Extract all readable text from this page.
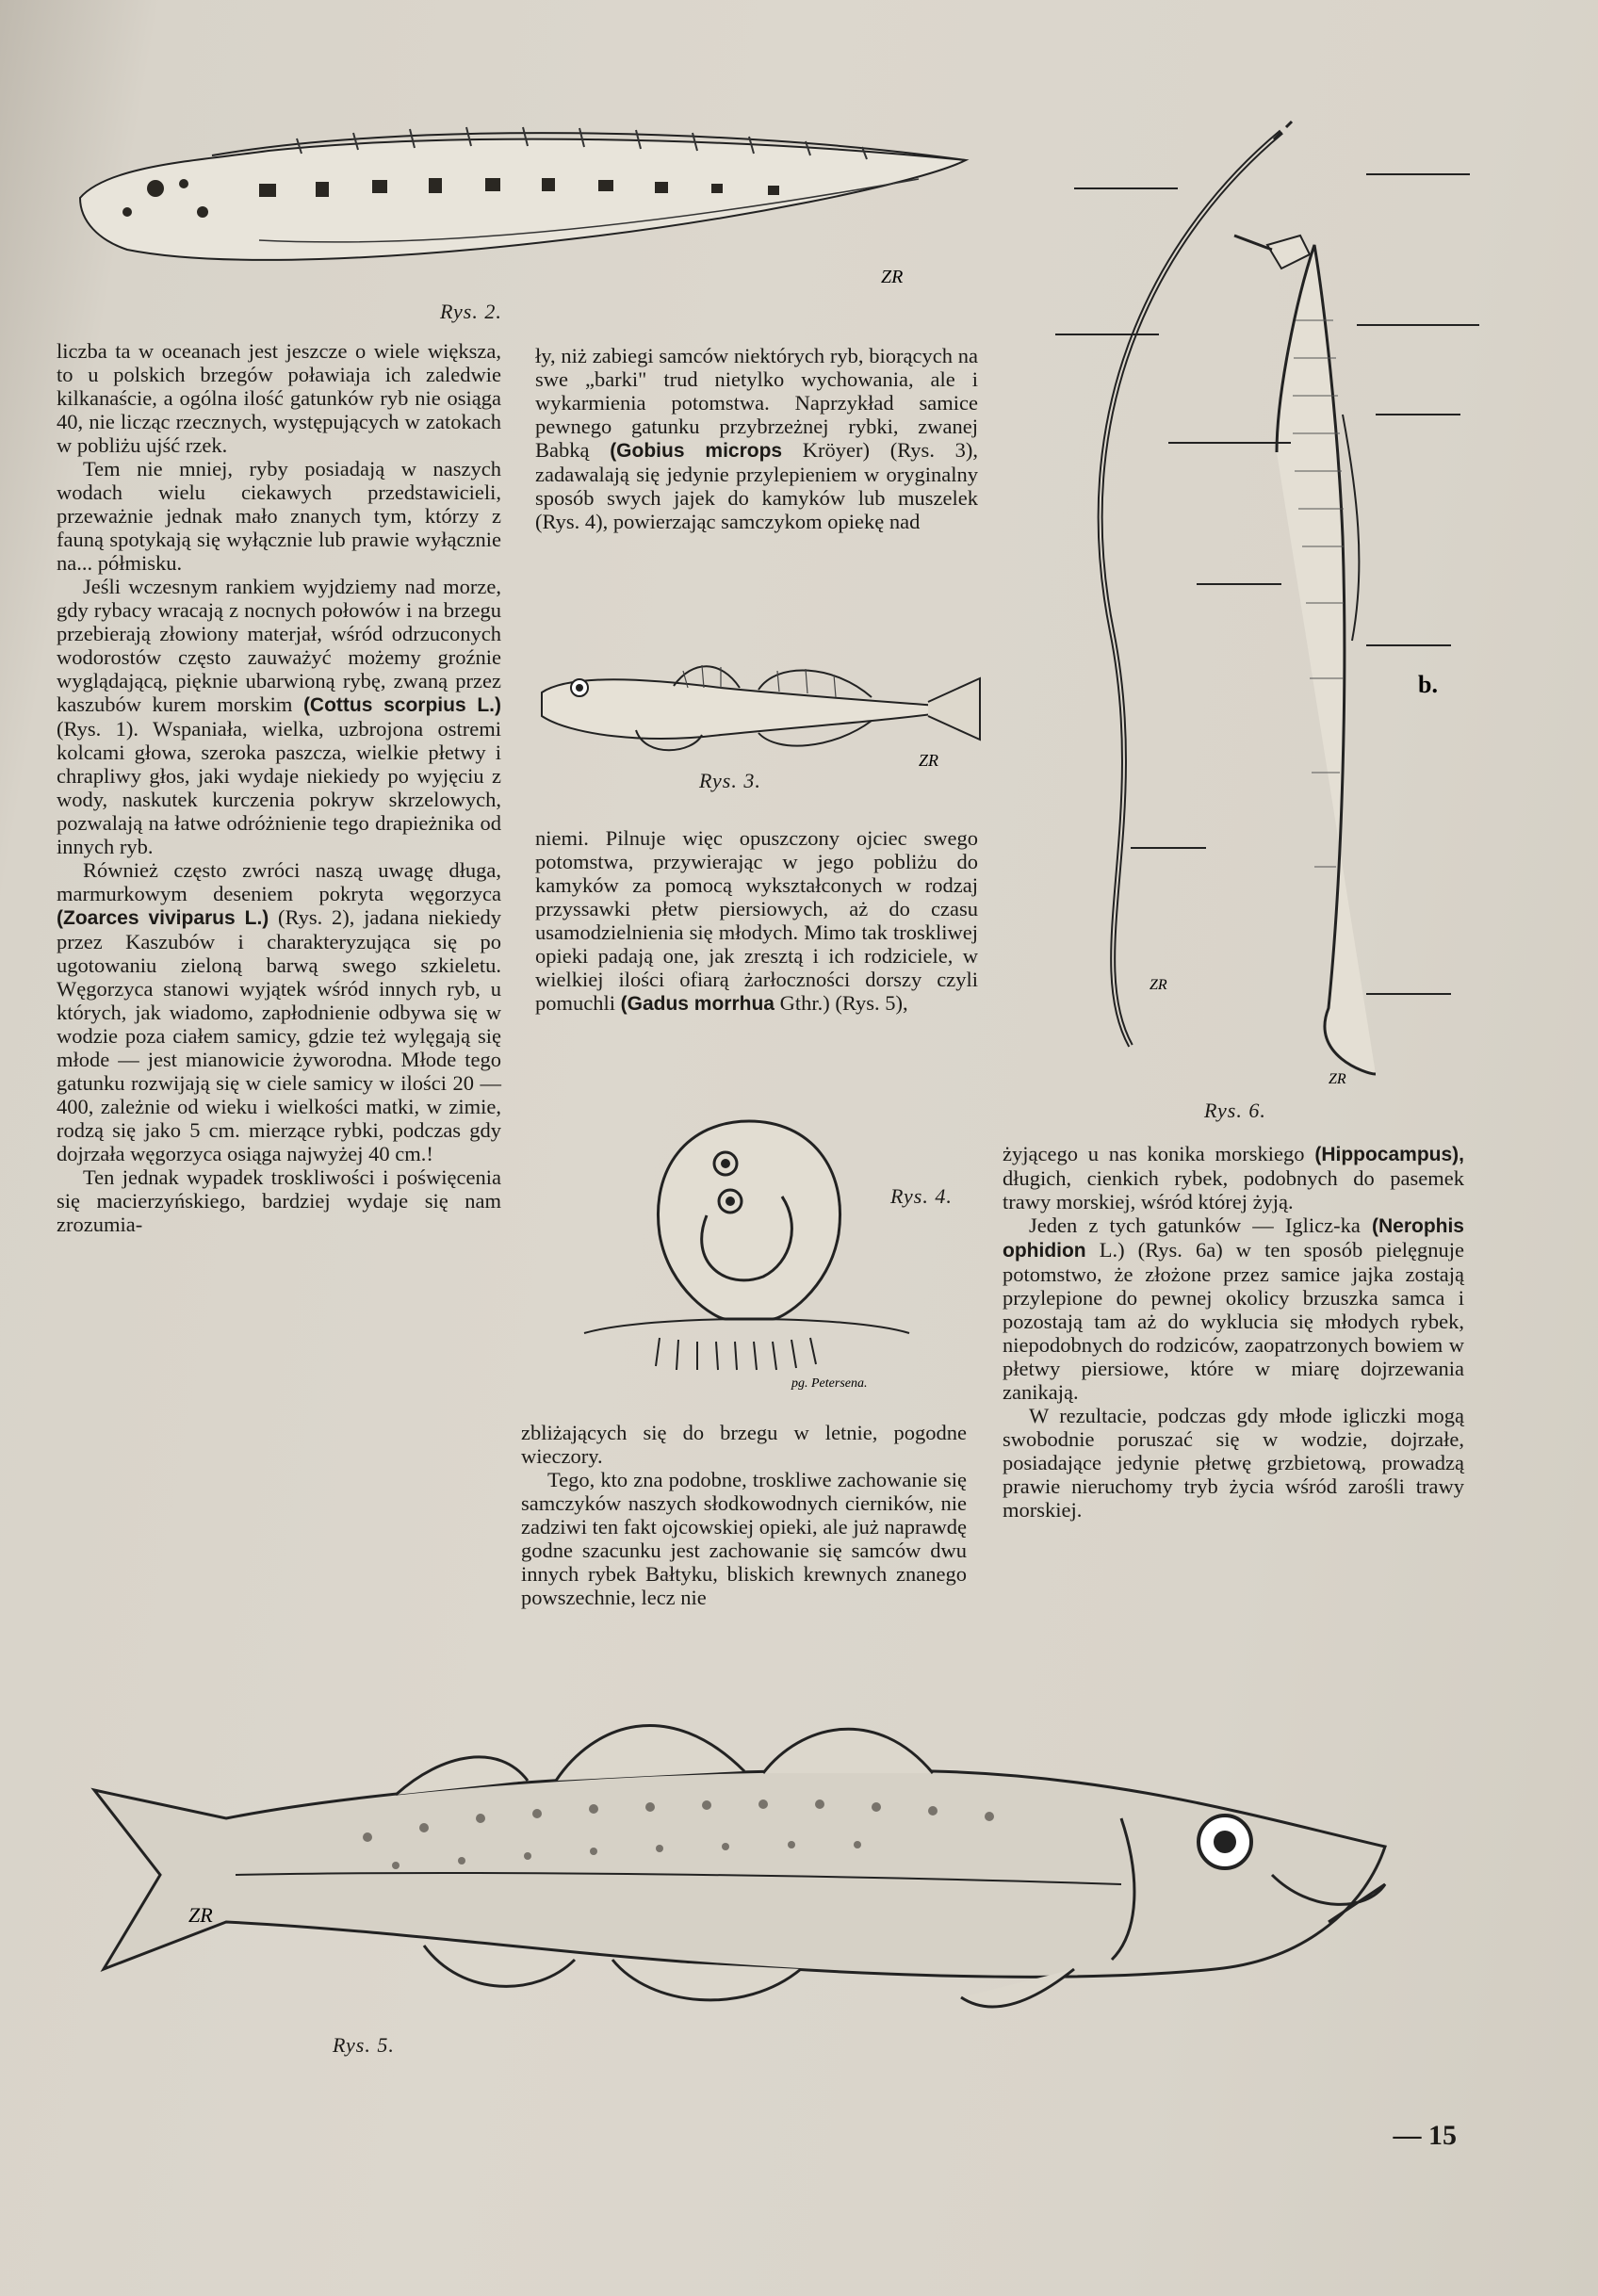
ZR
Rys. 2.

liczba ta w oceanach jest jeszcze o wiele większa, to u polskich brzegów poławiaja ich zaledwie kilkanaście, a ogólna ilość gatunków ryb nie osiąga 40, nie licząc rzecznych, występujących w zatokach w pobliżu ujść rzek.

Tem nie mniej, ryby posiadają w naszych wodach wielu ciekawych przedstawicieli, przeważnie jednak mało znanych tym, którzy z fauną spotykają się wyłącznie lub prawie wyłącznie na... półmisku.

Jeśli wczesnym rankiem wyjdziemy nad morze, gdy rybacy wracają z nocnych połowów i na brzegu przebierają złowiony materjał, wśród odrzuconych wodorostów często zauważyć możemy groźnie wyglądającą, pięknie ubarwioną rybę, zwaną przez kaszubów kurem morskim (Cottus scorpius L.) (Rys. 1). Wspaniała, wielka, uzbrojona ostremi kolcami głowa, szeroka paszcza, wielkie płetwy i chrapliwy głos, jaki wydaje niekiedy po wyjęciu z wody, naskutek kurczenia pokryw skrzelowych, pozwalają na łatwe odróżnienie tego drapieżnika od innych ryb.

Również często zwróci naszą uwagę długa, marmurkowym deseniem pokryta węgorzyca (Zoarces viviparus L.) (Rys. 2), jadana niekiedy przez Kaszubów i charakteryzująca się po ugotowaniu zieloną barwą swego szkieletu. Węgorzyca stanowi wyjątek wśród innych ryb, u których, jak wiadomo, zapłodnienie odbywa się w wodzie poza ciałem samicy, gdzie też wylęgają się młode — jest mianowicie żyworodna. Młode tego gatunku rozwijają się w ciele samicy w ilości 20 — 400, zależnie od wieku i wielkości matki, w zimie, rodzą się jako 5 cm. mierzące rybki, podczas gdy dojrzała węgorzyca osiąga najwyżej 40 cm.!

Ten jednak wypadek troskliwości i poświęcenia się macierzyńskiego, bardziej wydaje się nam zrozumia-

ły, niż zabiegi samców niektórych ryb, biorących na swe „barki" trud nietylko wychowania, ale i wykarmienia potomstwa. Naprzykład samice pewnego gatunku przybrzeżnej rybki, zwanej Babką (Gobius microps Kröyer) (Rys. 3), zadawalają się jedynie przylepieniem w oryginalny sposób swych jajek do kamyków lub muszelek (Rys. 4), powierzając samczykom opiekę nad

ZR
Rys. 3.

niemi. Pilnuje więc opuszczony ojciec swego potomstwa, przywierając w jego pobliżu do kamyków za pomocą wykształconych w rodzaj przyssawki płetw piersiowych, aż do czasu usamodzielnienia się młodych. Mimo tak troskliwej opieki padają one, jak zresztą i ich rodziciele, w wielkiej ilości ofiarą żarłoczności dorszy czyli pomuchli (Gadus morrhua Gthr.) (Rys. 5),

pg. Petersena.
Rys. 4.

zbliżających się do brzegu w letnie, pogodne wieczory.

Tego, kto zna podobne, troskliwe zachowanie się samczyków naszych słodkowodnych cierników, nie zadziwi ten fakt ojcowskiej opieki, ale już naprawdę godne szacunku jest zachowanie się samców dwu innych rybek Bałtyku, bliskich krewnych znanego powszechnie, lecz nie

b.
ZR
ZR
Rys. 6.

żyjącego u nas konika morskiego (Hippocampus), długich, cienkich rybek, podobnych do pasemek trawy morskiej, wśród której żyją.

Jeden z tych gatunków — Iglicz-ka (Nerophis ophidion L.) (Rys. 6a) w ten sposób pielęgnuje potomstwo, że złożone przez samice jajka zostają przylepione do pewnej okolicy brzuszka samca i pozostają tam aż do wyklucia się młodych rybek, niepodobnych do rodziców, zaopatrzonych bowiem w płetwy piersiowe, które w miarę dojrzewania zanikają.

W rezultacie, podczas gdy młode igliczki mogą swobodnie poruszać się w wodzie, dojrzałe, posiadające jedynie płetwę grzbietową, prowadzą prawie nieruchomy tryb życia wśród zarośli trawy morskiej.

ZR
Rys. 5.
— 15
